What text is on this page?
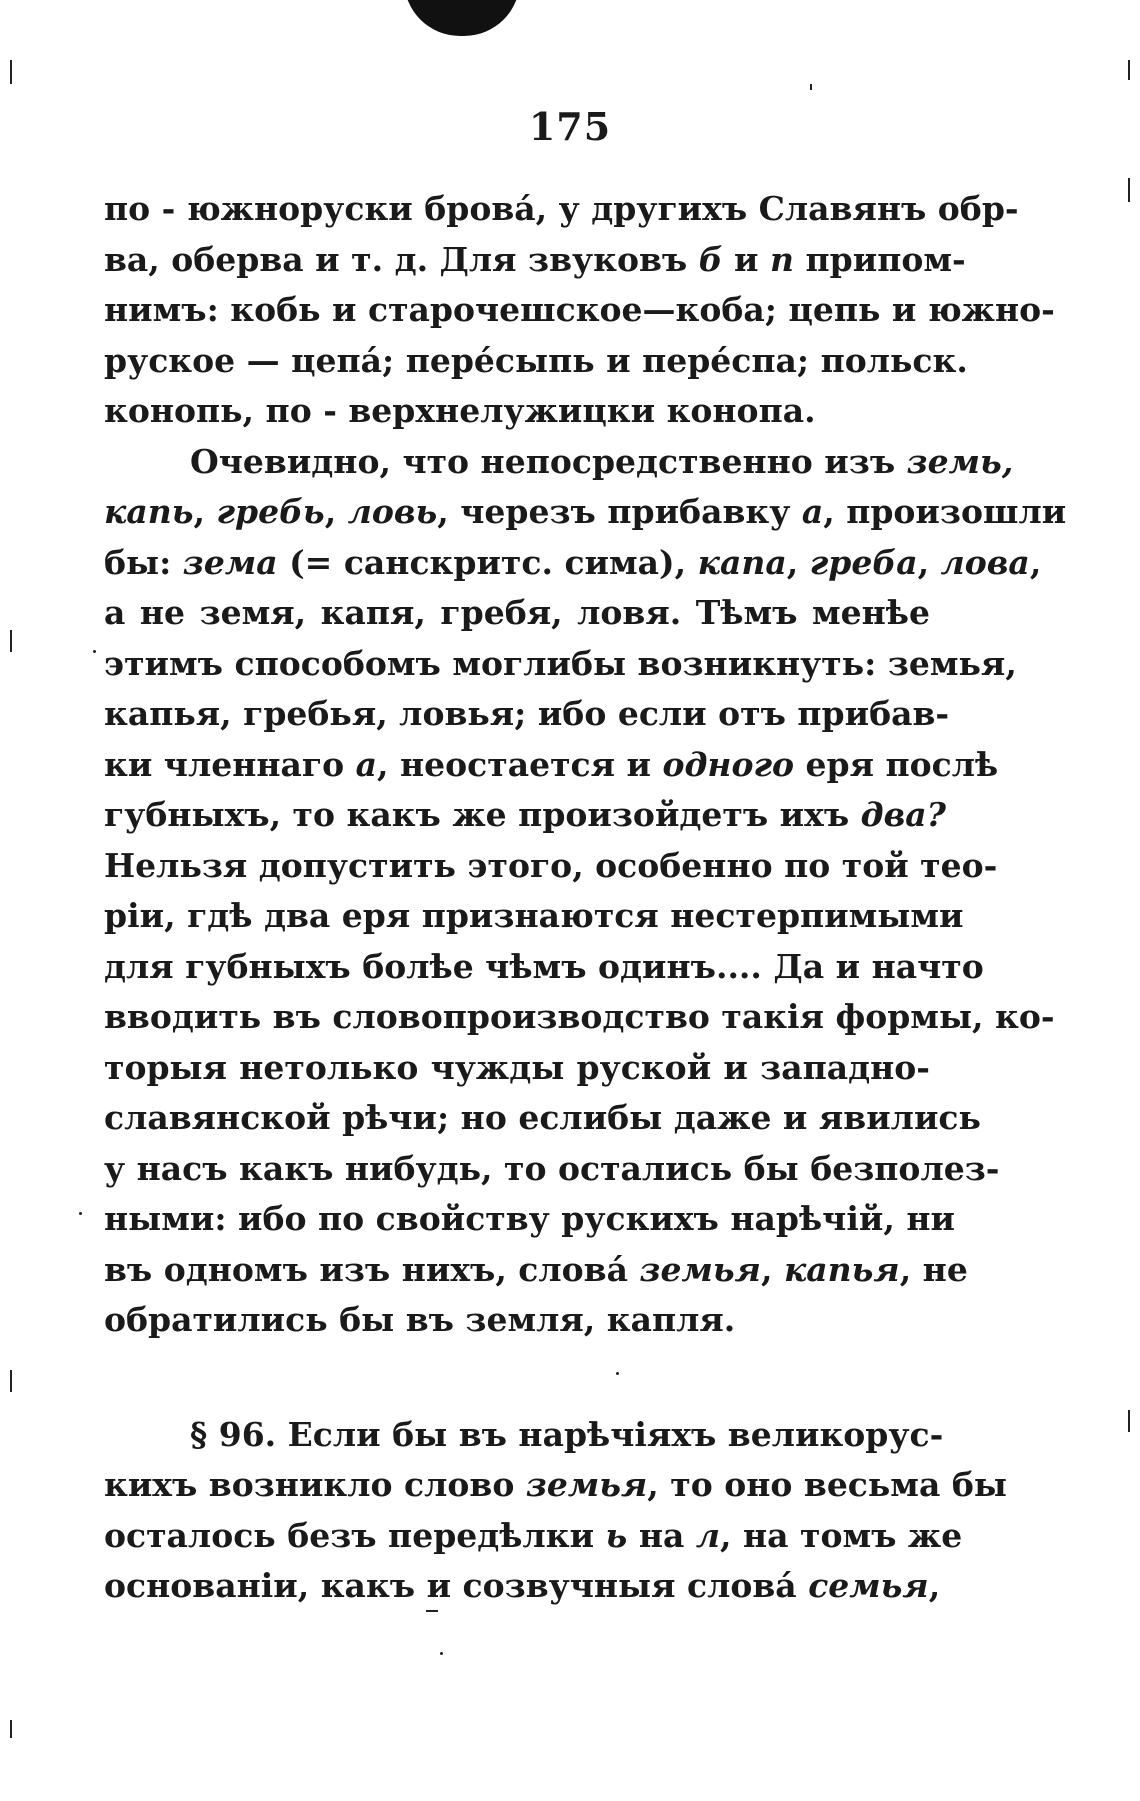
175
по - южноруски брова́, у другихъ Славянъ обр-
ва, оберва и т. д. Для звуковъ б и п припом-
нимъ: кобь и старочешское—коба; цепь и южно-
руское — цепа́; пере́сыпь и пере́спа; польск.
конопь, по - верхнелужицки конопа.
Очевидно, что непосредственно изъ земь,
капь, гребь, ловь, черезъ прибавку а, произошли
бы: зема (= санскритс. сима), капа, греба, лова,
а не земя, капя, гребя, ловя. Тѣмъ менѣе
этимъ способомъ моглибы возникнуть: земья,
капья, гребья, ловья; ибо если отъ прибав-
ки членнаго а, неостается и одного еря послѣ
губныхъ, то какъ же произойдетъ ихъ два?
Нельзя допустить этого, особенно по той тео-
ріи, гдѣ два еря признаются нестерпимыми
для губныхъ болѣе чѣмъ одинъ.... Да и начто
вводить въ словопроизводство такія формы, ко-
торыя нетолько чужды руской и западно-
славянской рѣчи; но еслибы даже и явились
у насъ какъ нибудь, то остались бы безполез-
ными: ибо по свойству рускихъ нарѣчій, ни
въ одномъ изъ нихъ, слова́ земья, капья, не
обратились бы въ земля, капля.
§ 96. Если бы въ нарѣчіяхъ великорус-
кихъ возникло слово земья, то оно весьма бы
осталось безъ передѣлки ь на л, на томъ же
основаніи, какъ и созвучныя слова́ семья,
